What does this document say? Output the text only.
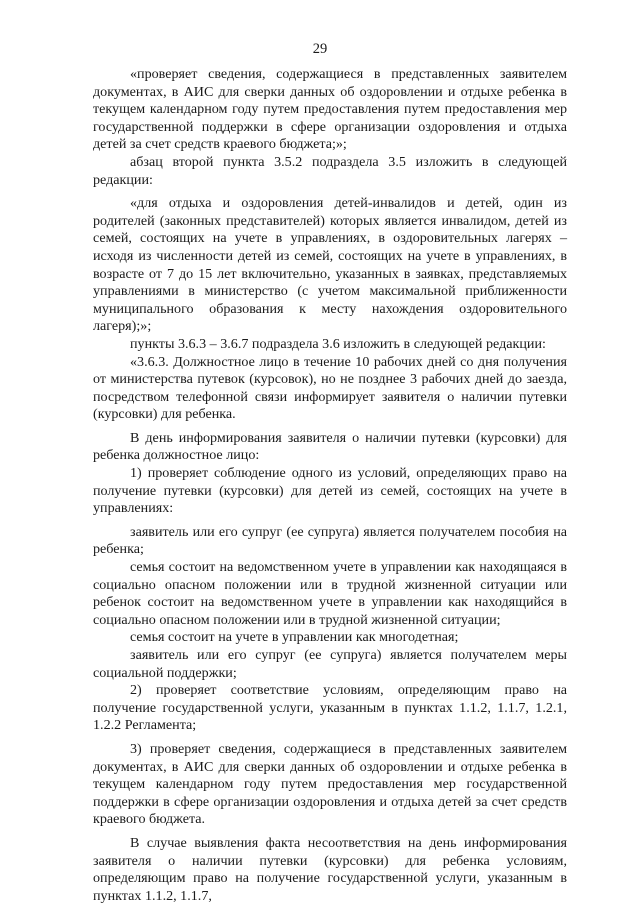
29

«проверяет сведения, содержащиеся в представленных заявителем документах, в АИС для сверки данных об оздоровлении и отдыхе ребенка в текущем календарном году путем предоставления путем предоставления мер государственной поддержки в сфере организации оздоровления и отдыха детей за счет средств краевого бюджета;»;

абзац второй пункта 3.5.2 подраздела 3.5 изложить в следующей редакции:

«для отдыха и оздоровления детей-инвалидов и детей, один из родителей (законных представителей) которых является инвалидом, детей из семей, состоящих на учете в управлениях, в оздоровительных лагерях – исходя из численности детей из семей, состоящих на учете в управлениях, в возрасте от 7 до 15 лет включительно, указанных в заявках, представляемых управлениями в министерство (с учетом максимальной приближенности муниципального образования к месту нахождения оздоровительного лагеря);»;

пункты 3.6.3 – 3.6.7 подраздела 3.6 изложить в следующей редакции:

«3.6.3. Должностное лицо в течение 10 рабочих дней со дня получения от министерства путевок (курсовок), но не позднее 3 рабочих дней до заезда, посредством телефонной связи информирует заявителя о наличии путевки (курсовки) для ребенка.

В день информирования заявителя о наличии путевки (курсовки) для ребенка должностное лицо:

1) проверяет соблюдение одного из условий, определяющих право на получение путевки (курсовки) для детей из семей, состоящих на учете в управлениях:

заявитель или его супруг (ее супруга) является получателем пособия на ребенка;

семья состоит на ведомственном учете в управлении как находящаяся в социально опасном положении или в трудной жизненной ситуации или ребенок состоит на ведомственном учете в управлении как находящийся в социально опасном положении или в трудной жизненной ситуации;

семья состоит на учете в управлении как многодетная;

заявитель или его супруг (ее супруга) является получателем меры социальной поддержки;

2) проверяет соответствие условиям, определяющим право на получение государственной услуги, указанным в пунктах 1.1.2, 1.1.7, 1.2.1, 1.2.2 Регламента;

3) проверяет сведения, содержащиеся в представленных заявителем документах, в АИС для сверки данных об оздоровлении и отдыхе ребенка в текущем календарном году путем предоставления мер государственной поддержки в сфере организации оздоровления и отдыха детей за счет средств краевого бюджета.

В случае выявления факта несоответствия на день информирования заявителя о наличии путевки (курсовки) для ребенка условиям, определяющим право на получение государственной услуги, указанным в пунктах 1.1.2, 1.1.7,
